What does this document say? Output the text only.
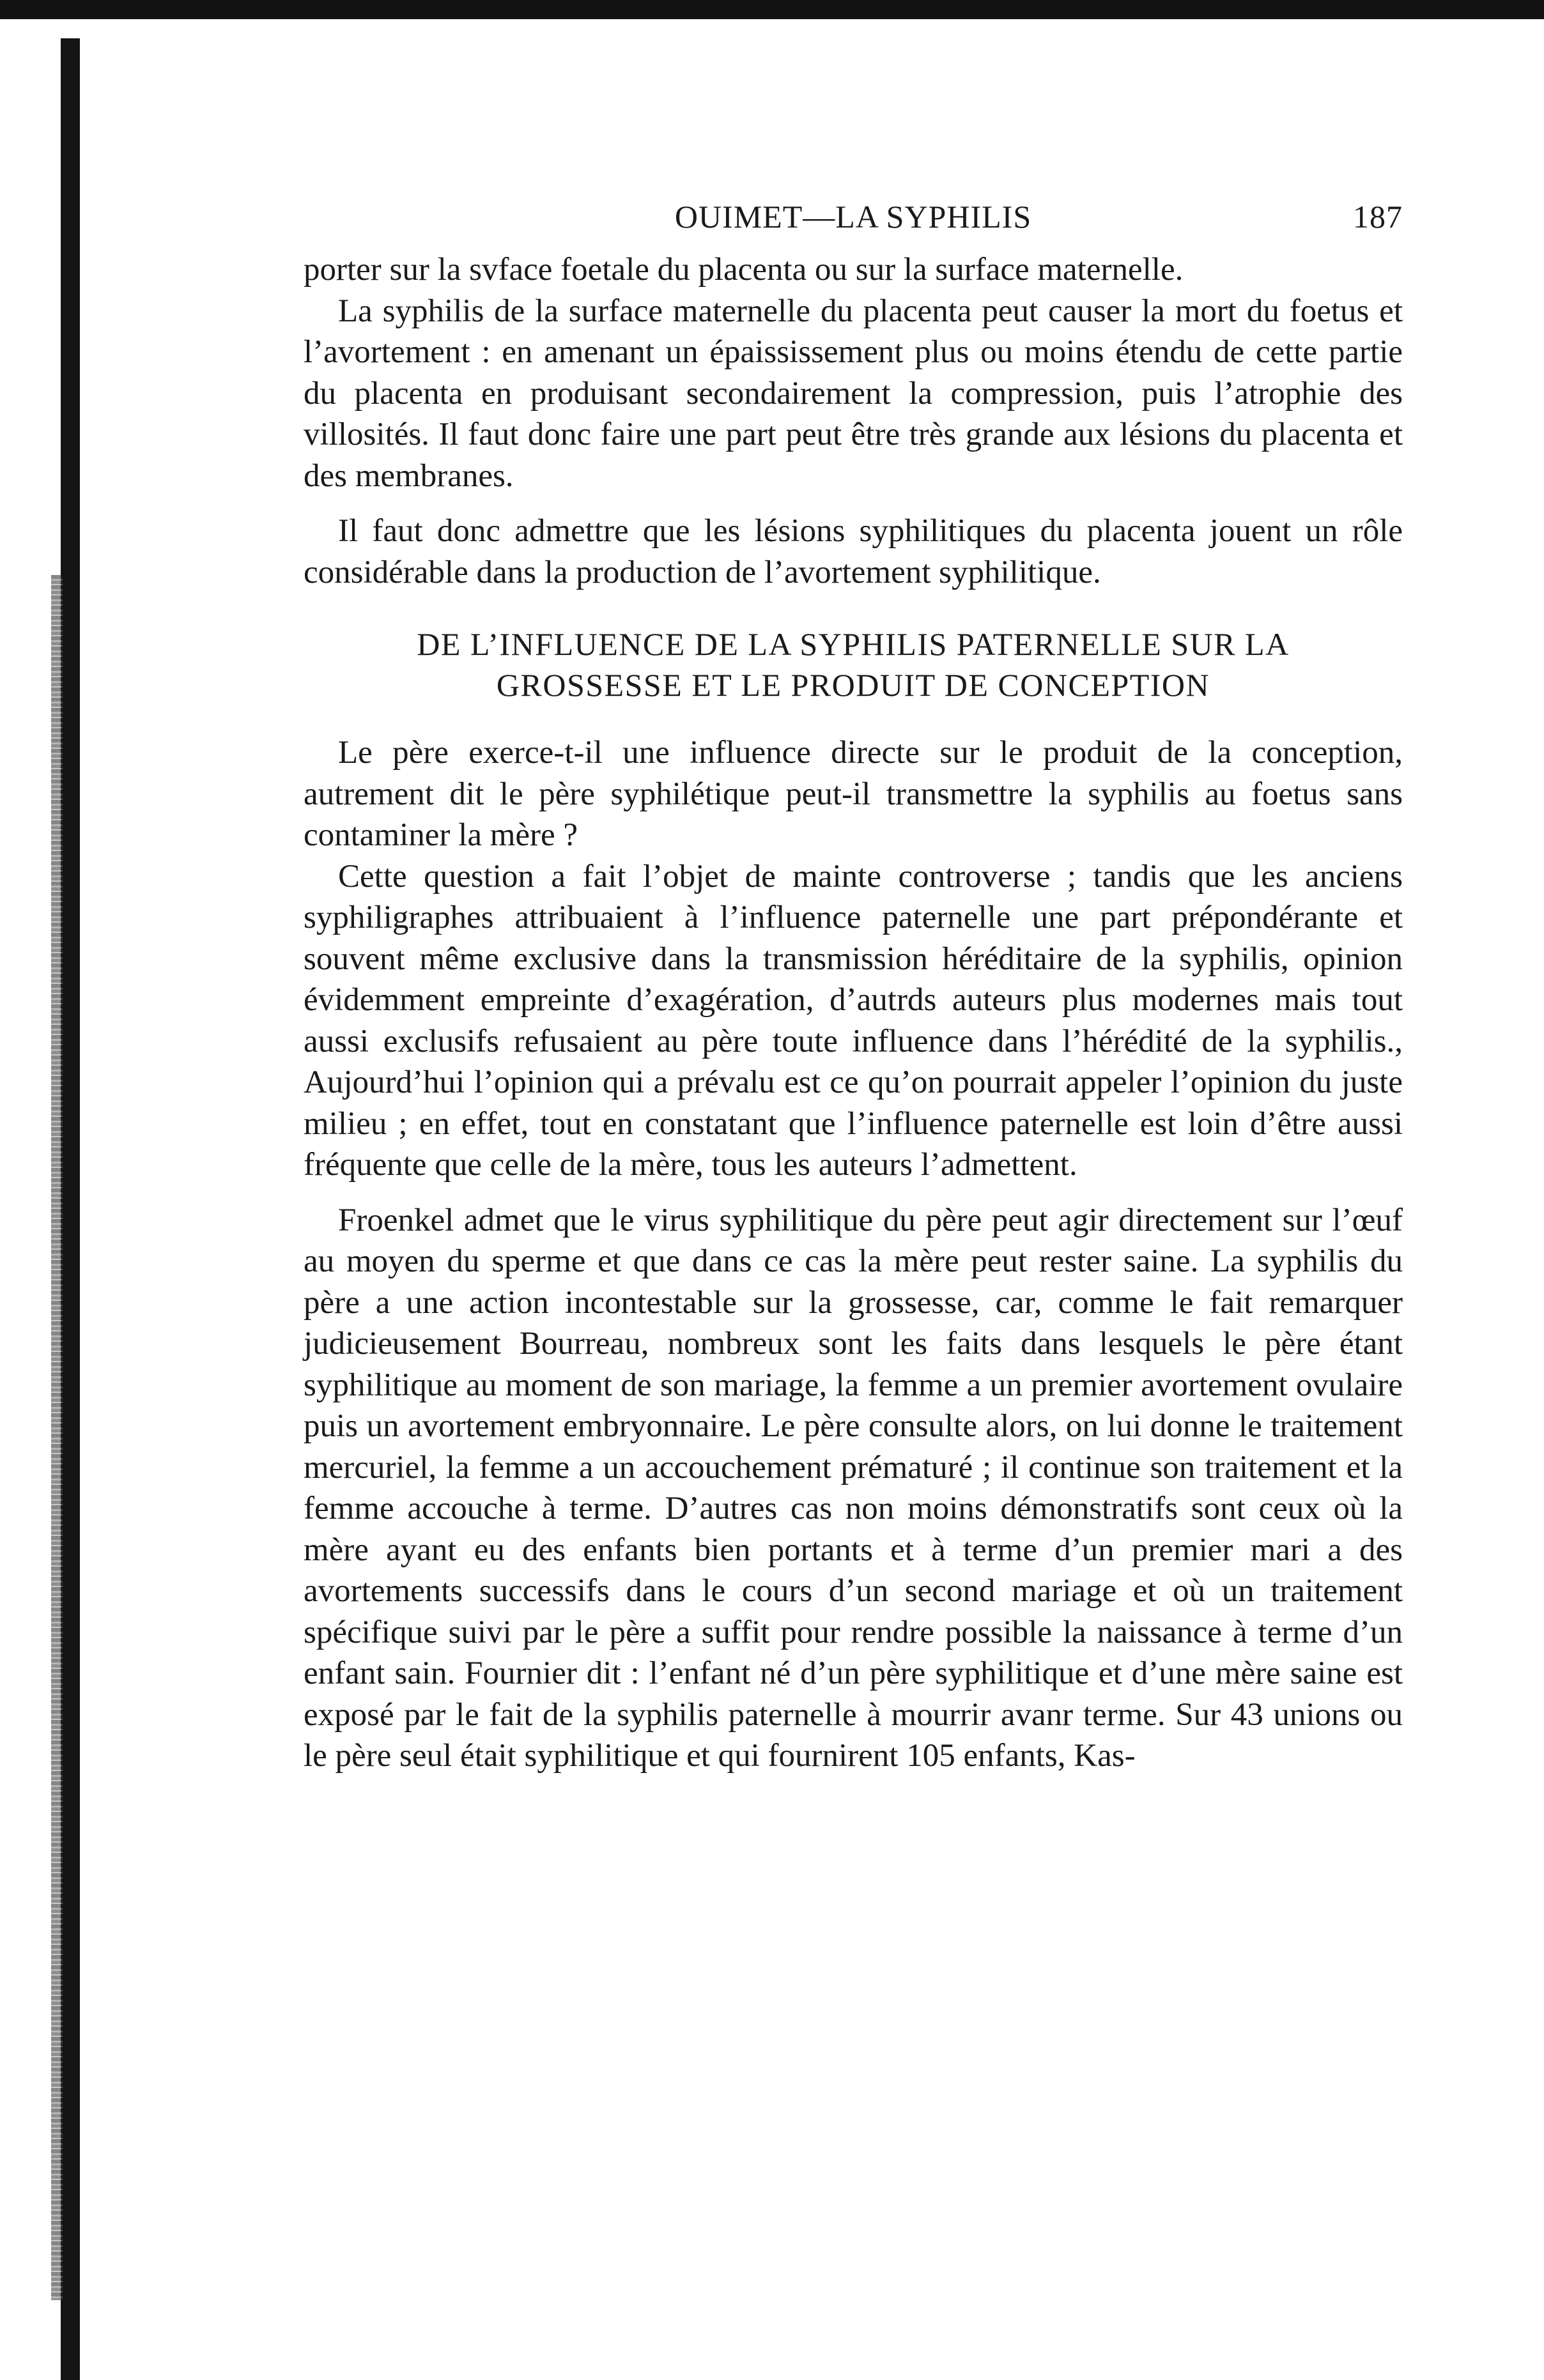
OUIMET—LA SYPHILIS	187

porter sur la svface foetale du placenta ou sur la surface maternelle.

La syphilis de la surface maternelle du placenta peut causer la mort du foetus et l’avortement : en amenant un épaississement plus ou moins étendu de cette partie du placenta en produisant secondairement la compression, puis l’atrophie des villosités. Il faut donc faire une part peut être très grande aux lésions du placenta et des membranes.

Il faut donc admettre que les lésions syphilitiques du placenta jouent un rôle considérable dans la production de l’avortement syphilitique.

DE L’INFLUENCE DE LA SYPHILIS PATERNELLE SUR LA
GROSSESSE ET LE PRODUIT DE CONCEPTION

Le père exerce-t-il une influence directe sur le produit de la conception, autrement dit le père syphilétique peut-il transmettre la syphilis au foetus sans contaminer la mère ?

Cette question a fait l’objet de mainte controverse ; tandis que les anciens syphiligraphes attribuaient à l’influence paternelle une part prépondérante et souvent même exclusive dans la transmission héréditaire de la syphilis, opinion évidemment empreinte d’exagération, d’autrds auteurs plus modernes mais tout aussi exclusifs refusaient au père toute influence dans l’hérédité de la syphilis., Aujourd’hui l’opinion qui a prévalu est ce qu’on pourrait appeler l’opinion du juste milieu ; en effet, tout en constatant que l’influence paternelle est loin d’être aussi fréquente que celle de la mère, tous les auteurs l’admettent.

Froenkel admet que le virus syphilitique du père peut agir directement sur l’œuf au moyen du sperme et que dans ce cas la mère peut rester saine. La syphilis du père a une action incontestable sur la grossesse, car, comme le fait remarquer judicieusement Bourreau, nombreux sont les faits dans lesquels le père étant syphilitique au moment de son mariage, la femme a un premier avortement ovulaire puis un avortement embryonnaire. Le père consulte alors, on lui donne le traitement mercuriel, la femme a un accouchement prématuré ; il continue son traitement et la femme accouche à terme. D’autres cas non moins démonstratifs sont ceux où la mère ayant eu des enfants bien portants et à terme d’un premier mari a des avortements successifs dans le cours d’un second mariage et où un traitement spécifique suivi par le père a suffit pour rendre possible la naissance à terme d’un enfant sain. Fournier dit : l’enfant né d’un père syphilitique et d’une mère saine est exposé par le fait de la syphilis paternelle à mourrir avanr terme. Sur 43 unions ou le père seul était syphilitique et qui fournirent 105 enfants, Kas-
